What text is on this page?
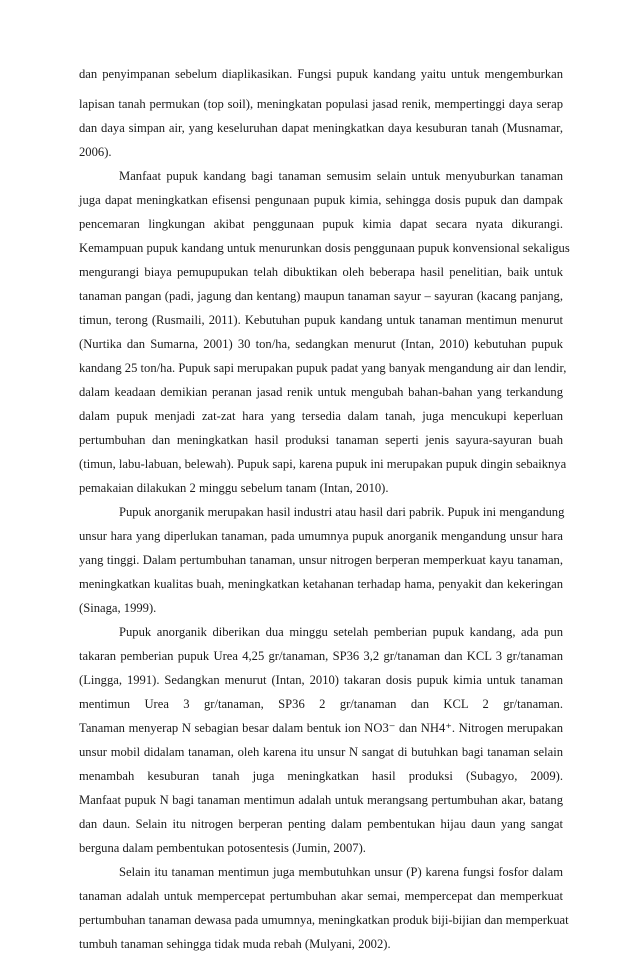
dan penyimpanan sebelum diaplikasikan. Fungsi pupuk kandang yaitu untuk mengemburkan
lapisan tanah permukan (top soil), meningkatan populasi jasad renik, mempertinggi daya serap
dan daya simpan air, yang keseluruhan dapat meningkatkan daya kesuburan tanah (Musnamar,
2006).
Manfaat pupuk kandang bagi tanaman semusim selain untuk menyuburkan tanaman
juga dapat meningkatkan efisensi pengunaan pupuk kimia, sehingga dosis pupuk dan dampak
pencemaran lingkungan akibat penggunaan pupuk kimia dapat secara nyata dikurangi.
Kemampuan pupuk kandang untuk menurunkan dosis penggunaan pupuk konvensional sekaligus
mengurangi biaya pemupupukan telah dibuktikan oleh beberapa hasil penelitian, baik untuk
tanaman pangan (padi, jagung dan kentang) maupun tanaman sayur – sayuran (kacang panjang,
timun, terong (Rusmaili, 2011). Kebutuhan pupuk kandang untuk tanaman mentimun menurut
(Nurtika dan Sumarna, 2001) 30 ton/ha, sedangkan menurut (Intan, 2010) kebutuhan pupuk
kandang 25 ton/ha. Pupuk sapi merupakan pupuk padat yang banyak mengandung air dan lendir,
dalam keadaan demikian peranan jasad renik untuk mengubah bahan-bahan yang terkandung
dalam pupuk menjadi zat-zat hara yang tersedia dalam tanah, juga mencukupi keperluan
pertumbuhan dan meningkatkan hasil produksi tanaman seperti jenis sayura-sayuran buah
(timun, labu-labuan, belewah). Pupuk sapi, karena pupuk ini merupakan pupuk dingin sebaiknya
pemakaian dilakukan 2 minggu sebelum tanam (Intan, 2010).
Pupuk anorganik merupakan hasil industri atau hasil dari pabrik. Pupuk ini mengandung
unsur hara yang diperlukan tanaman, pada umumnya pupuk anorganik mengandung unsur hara
yang tinggi. Dalam pertumbuhan tanaman, unsur nitrogen berperan memperkuat kayu tanaman,
meningkatkan kualitas buah, meningkatkan ketahanan terhadap hama, penyakit dan kekeringan
(Sinaga, 1999).
Pupuk anorganik diberikan dua minggu setelah pemberian pupuk kandang, ada pun
takaran pemberian pupuk Urea 4,25 gr/tanaman, SP36 3,2 gr/tanaman dan KCL 3 gr/tanaman
(Lingga, 1991). Sedangkan menurut (Intan, 2010) takaran dosis pupuk kimia untuk tanaman
mentimun Urea 3 gr/tanaman, SP36 2 gr/tanaman dan KCL 2 gr/tanaman.
Tanaman menyerap N sebagian besar dalam bentuk ion NO3⁻ dan NH4⁺. Nitrogen merupakan
unsur mobil didalam tanaman, oleh karena itu unsur N sangat di butuhkan bagi tanaman selain
menambah kesuburan tanah juga meningkatkan hasil produksi (Subagyo, 2009).
Manfaat pupuk N bagi tanaman mentimun adalah untuk merangsang pertumbuhan akar, batang
dan daun. Selain itu nitrogen berperan penting dalam pembentukan hijau daun yang sangat
berguna dalam pembentukan potosentesis (Jumin, 2007).
Selain itu tanaman mentimun juga membutuhkan unsur (P) karena fungsi fosfor dalam
tanaman adalah untuk mempercepat pertumbuhan akar semai, mempercepat dan memperkuat
pertumbuhan tanaman dewasa pada umumnya, meningkatkan produk biji-bijian dan memperkuat
tumbuh tanaman sehingga tidak muda rebah (Mulyani, 2002).
